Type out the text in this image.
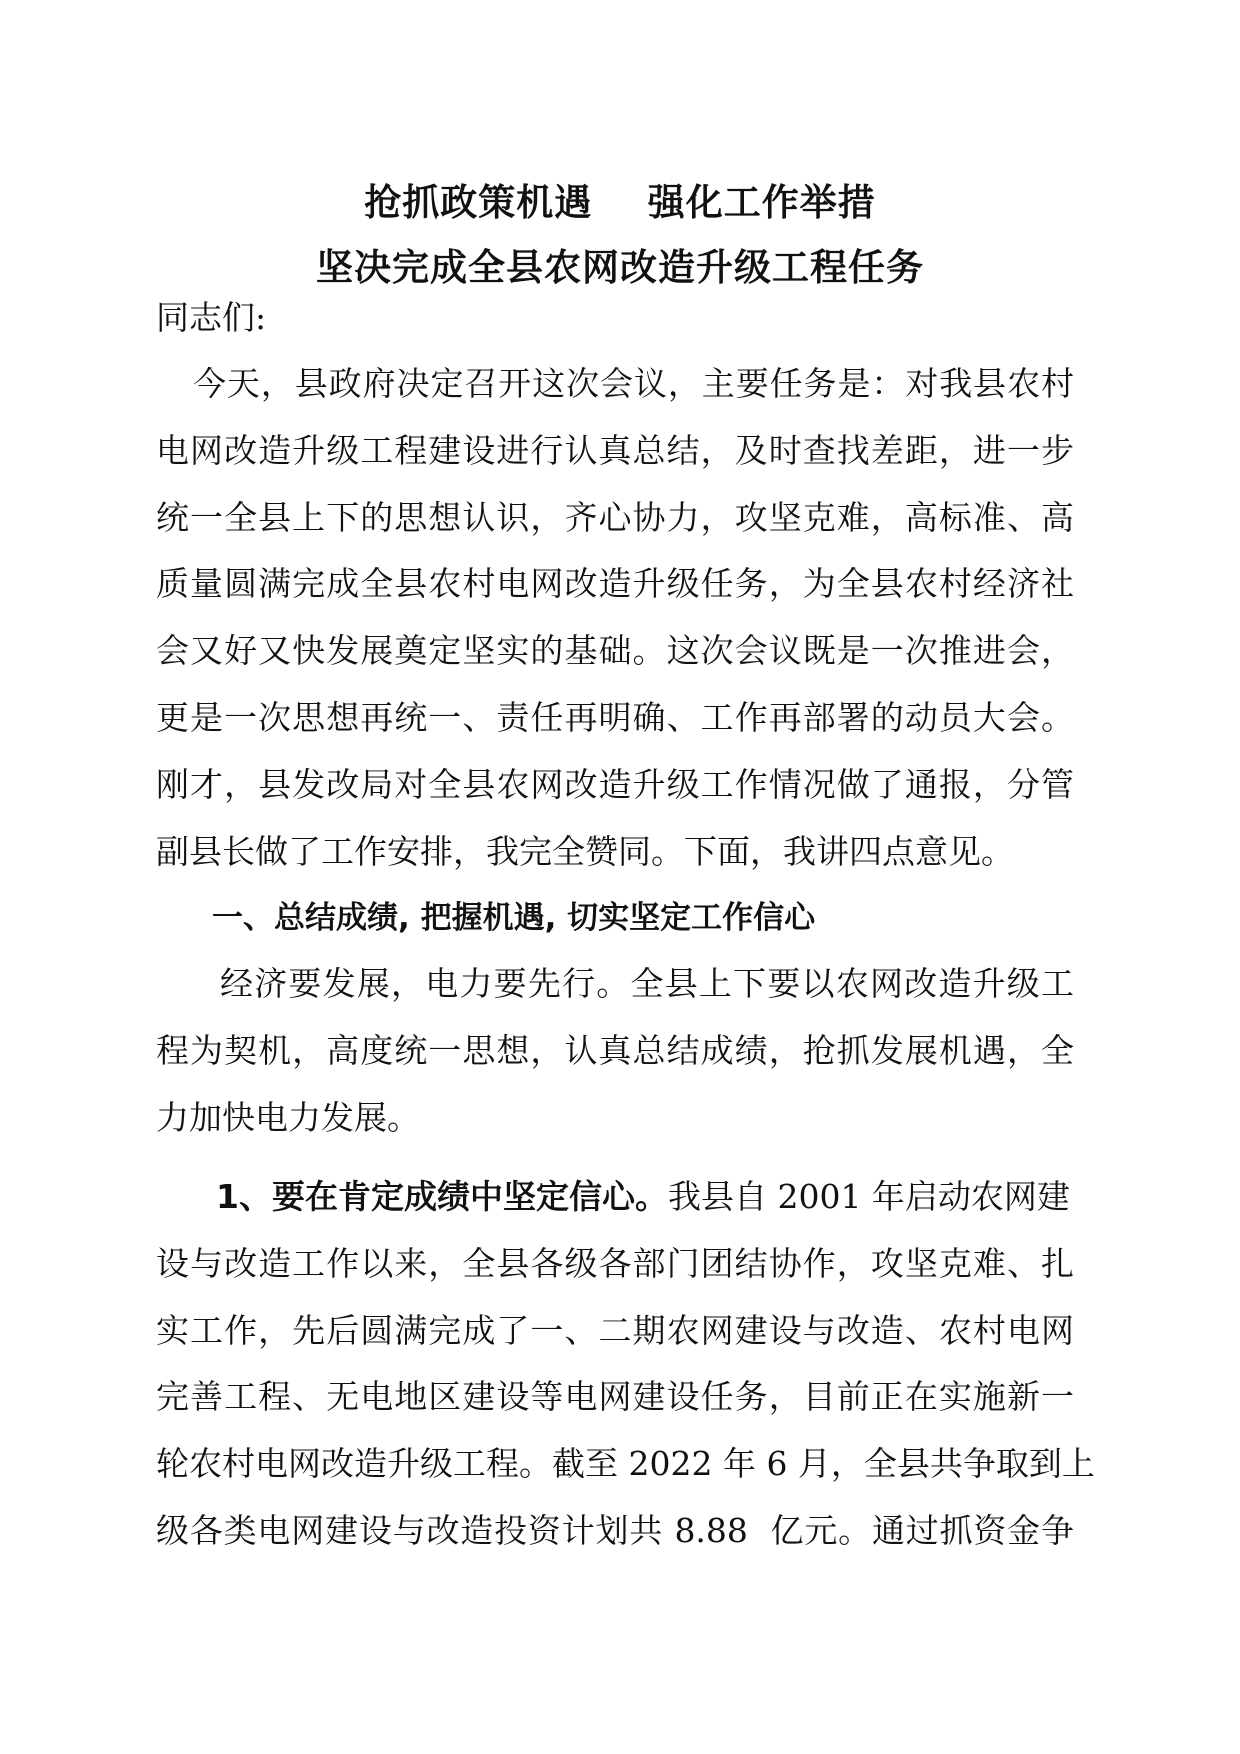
抢抓政策机遇    强化工作举措
坚决完成全县农网改造升级工程任务
同志们:
今天，县政府决定召开这次会议，主要任务是：对我县农村
电网改造升级工程建设进行认真总结，及时查找差距，进一步
统一全县上下的思想认识，齐心协力，攻坚克难，高标准、高
质量圆满完成全县农村电网改造升级任务，为全县农村经济社
会又好又快发展奠定坚实的基础。这次会议既是一次推进会，
更是一次思想再统一、责任再明确、工作再部署的动员大会。
刚才，县发改局对全县农网改造升级工作情况做了通报，分管
副县长做了工作安排，我完全赞同。下面，我讲四点意见。
一、总结成绩, 把握机遇, 切实坚定工作信心
经济要发展，电力要先行。全县上下要以农网改造升级工
程为契机，高度统一思想，认真总结成绩，抢抓发展机遇，全
力加快电力发展。
1、要在肯定成绩中坚定信心。我县自 2001 年启动农网建
设与改造工作以来，全县各级各部门团结协作，攻坚克难、扎
实工作，先后圆满完成了一、二期农网建设与改造、农村电网
完善工程、无电地区建设等电网建设任务，目前正在实施新一
轮农村电网改造升级工程。截至 2022 年 6 月，全县共争取到上
级各类电网建设与改造投资计划共 8.88  亿元。通过抓资金争
